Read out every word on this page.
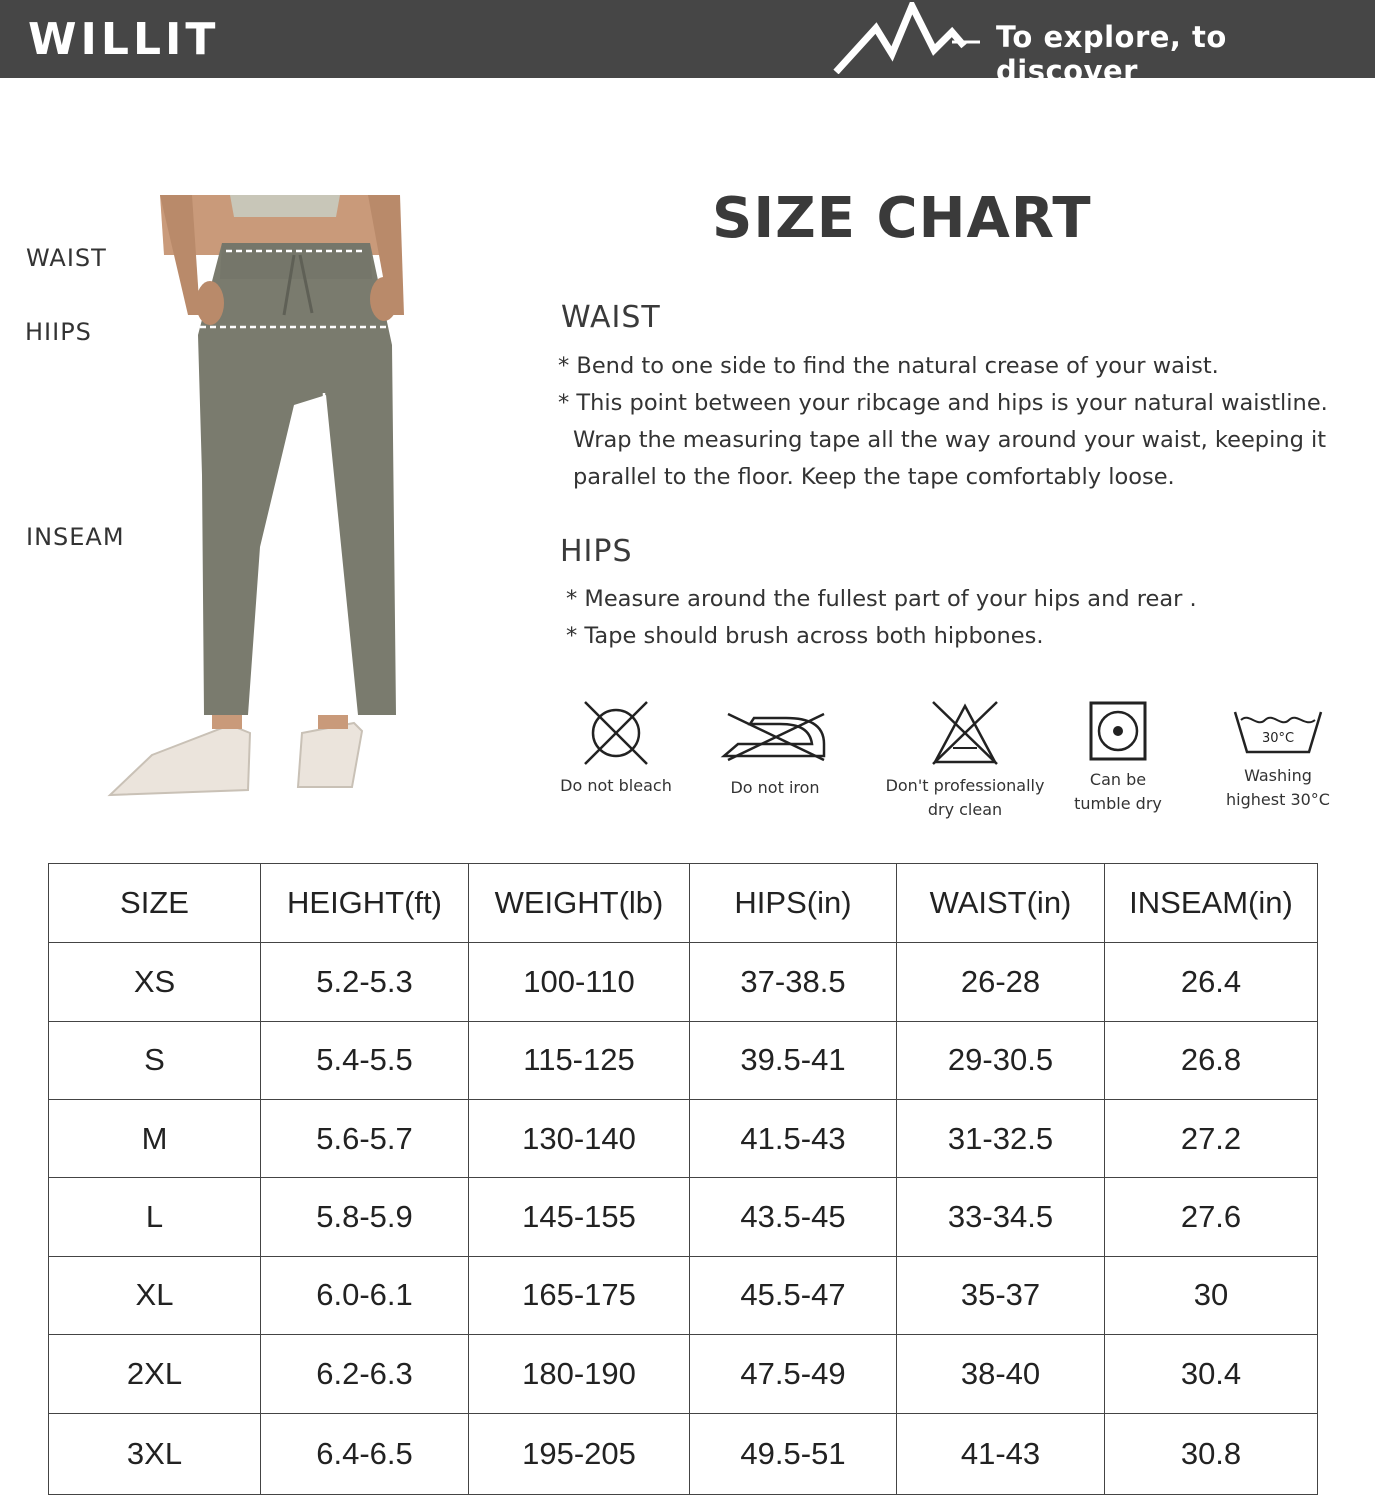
WILLIT	To explore, to discover
WAIST
HIIPS
INSEAM
SIZE CHART
WAIST
* Bend to one side to find the natural crease of your waist.
* This point between your ribcage and hips is your natural waistline.
Wrap the measuring tape all the way around your waist, keeping it
parallel to the floor. Keep the tape comfortably loose.
HIPS
* Measure around the fullest part of your hips and rear .
* Tape should brush across both hipbones.
Do not bleach	Do not iron	Don't professionally
dry clean
Can be
tumble dry
30°C
Washing
highest 30°C
SIZE	HEIGHT(ft)	WEIGHT(lb)	HIPS(in)	WAIST(in)	INSEAM(in)
XS	5.2-5.3	100-110	37-38.5	26-28	26.4
S	5.4-5.5	115-125	39.5-41	29-30.5	26.8
M	5.6-5.7	130-140	41.5-43	31-32.5	27.2
L	5.8-5.9	145-155	43.5-45	33-34.5	27.6
XL	6.0-6.1	165-175	45.5-47	35-37	30
2XL	6.2-6.3	180-190	47.5-49	38-40	30.4
3XL	6.4-6.5	195-205	49.5-51	41-43	30.8
